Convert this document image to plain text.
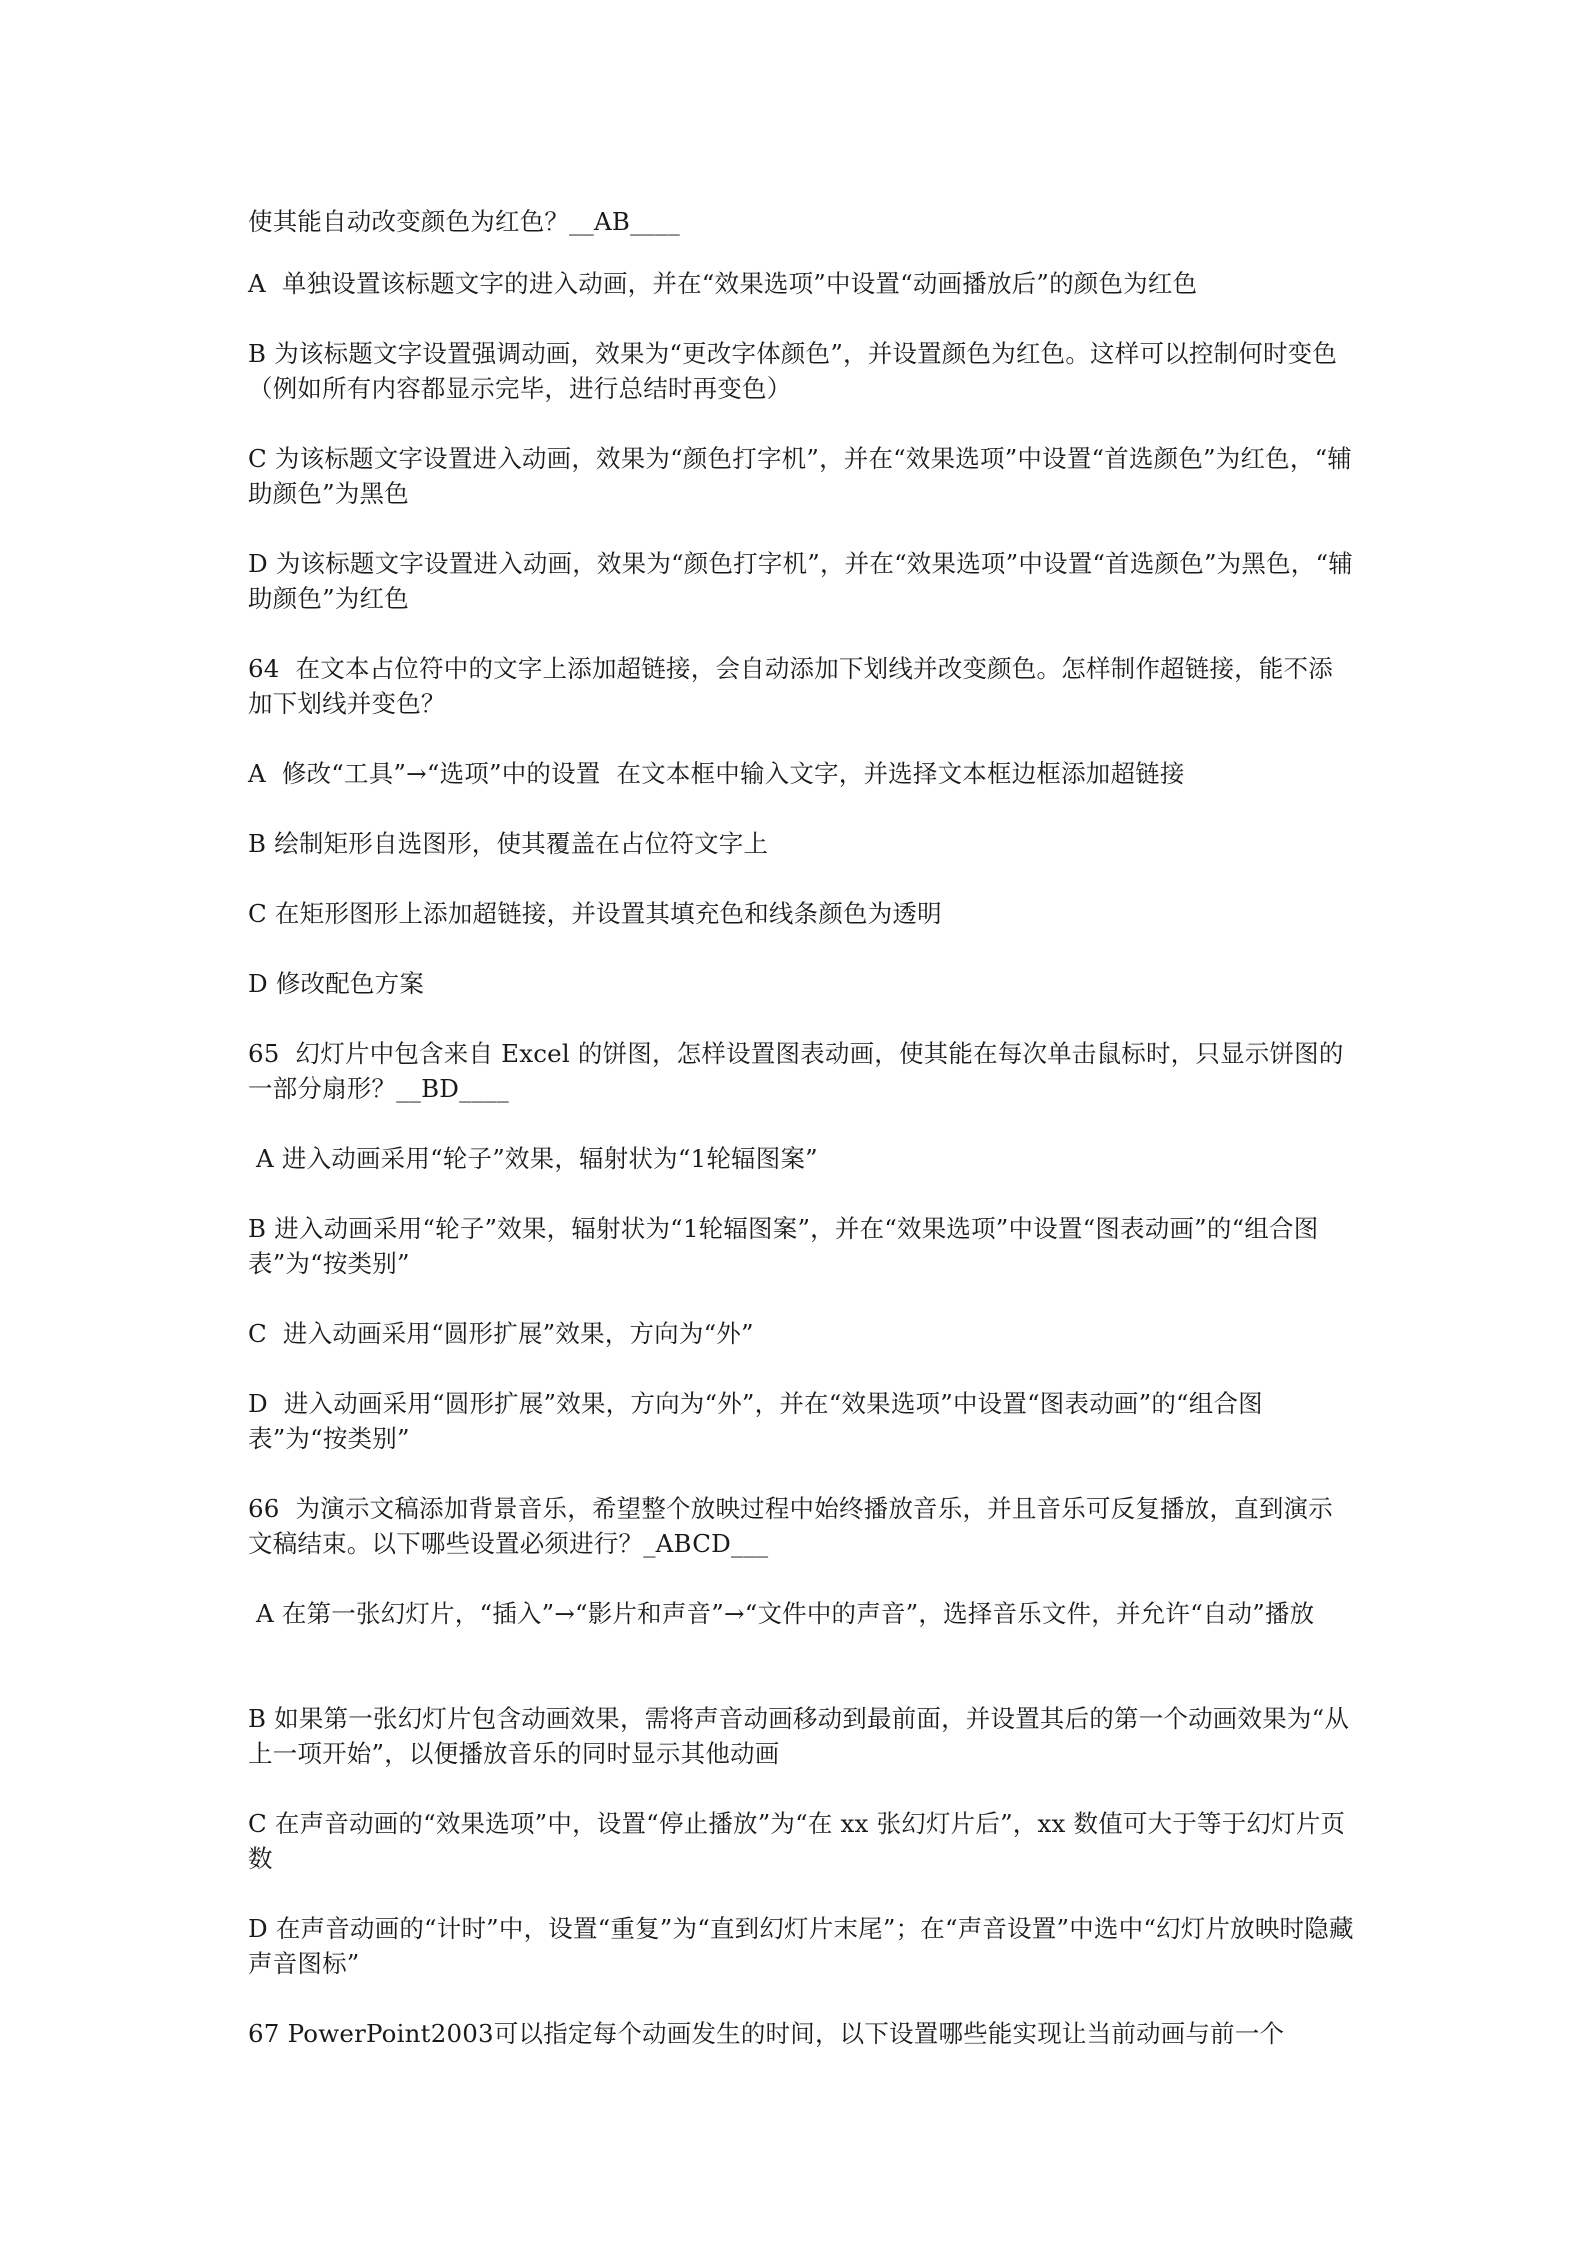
使其能自动改变颜色为红色？__AB____

A  单独设置该标题文字的进入动画，并在“效果选项”中设置“动画播放后”的颜色为红色

B 为该标题文字设置强调动画，效果为“更改字体颜色”，并设置颜色为红色。这样可以控制何时变色（例如所有内容都显示完毕，进行总结时再变色）

C 为该标题文字设置进入动画，效果为“颜色打字机”，并在“效果选项”中设置“首选颜色”为红色，“辅助颜色”为黑色

D 为该标题文字设置进入动画，效果为“颜色打字机”，并在“效果选项”中设置“首选颜色”为黑色，“辅助颜色”为红色

64  在文本占位符中的文字上添加超链接，会自动添加下划线并改变颜色。怎样制作超链接，能不添加下划线并变色？

A  修改“工具”→“选项”中的设置  在文本框中输入文字，并选择文本框边框添加超链接

B 绘制矩形自选图形，使其覆盖在占位符文字上

C 在矩形图形上添加超链接，并设置其填充色和线条颜色为透明

D 修改配色方案

65  幻灯片中包含来自 Excel 的饼图，怎样设置图表动画，使其能在每次单击鼠标时，只显示饼图的一部分扇形？__BD____

A 进入动画采用“轮子”效果，辐射状为“1轮辐图案”

B 进入动画采用“轮子”效果，辐射状为“1轮辐图案”，并在“效果选项”中设置“图表动画”的“组合图表”为“按类别”

C  进入动画采用“圆形扩展”效果，方向为“外”

D  进入动画采用“圆形扩展”效果，方向为“外”，并在“效果选项”中设置“图表动画”的“组合图表”为“按类别”

66  为演示文稿添加背景音乐，希望整个放映过程中始终播放音乐，并且音乐可反复播放，直到演示文稿结束。以下哪些设置必须进行？_ABCD___

A 在第一张幻灯片，“插入”→“影片和声音”→“文件中的声音”，选择音乐文件，并允许“自动”播放

B 如果第一张幻灯片包含动画效果，需将声音动画移动到最前面，并设置其后的第一个动画效果为“从上一项开始”，以便播放音乐的同时显示其他动画

C 在声音动画的“效果选项”中，设置“停止播放”为“在 xx 张幻灯片后”，xx 数值可大于等于幻灯片页数

D 在声音动画的“计时”中，设置“重复”为“直到幻灯片末尾”；在“声音设置”中选中“幻灯片放映时隐藏声音图标”

67 PowerPoint2003可以指定每个动画发生的时间，以下设置哪些能实现让当前动画与前一个
